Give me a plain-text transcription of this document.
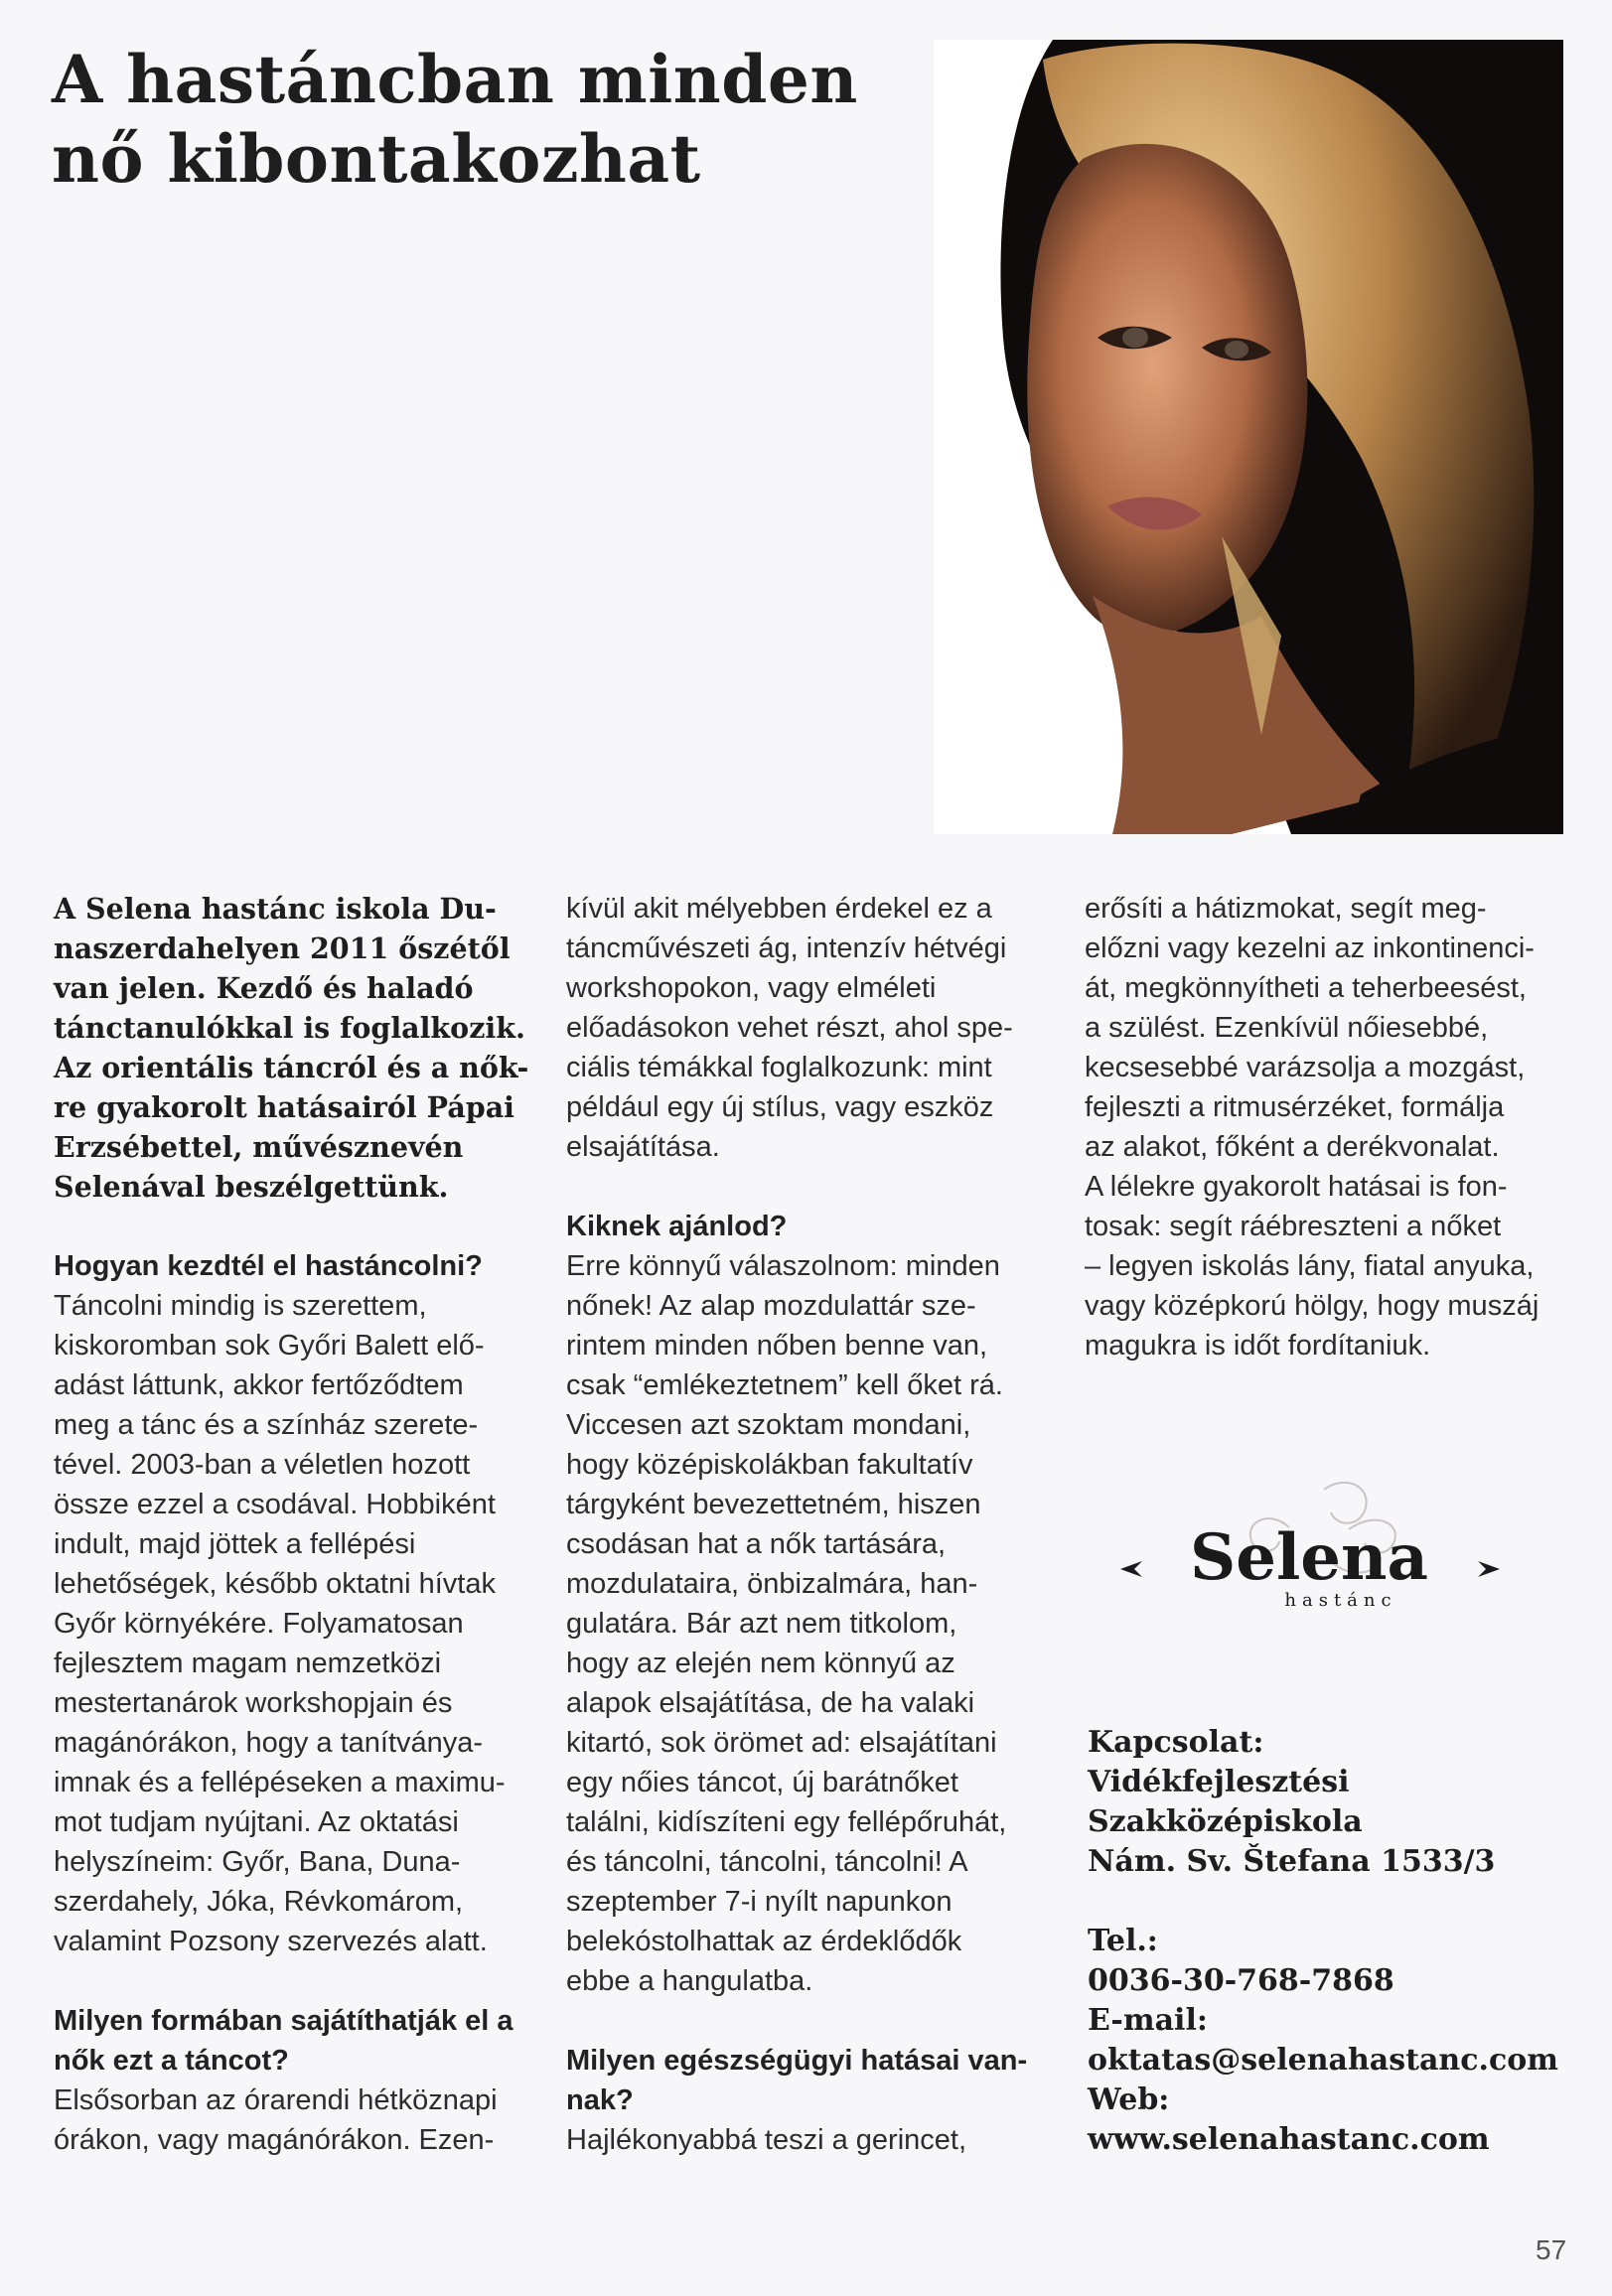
A hastáncban minden
nő kibontakozhat

A Selena hastánc iskola Du-
naszerdahelyen 2011 őszétől
van jelen. Kezdő és haladó
tánctanulókkal is foglalkozik.
Az orientális táncról és a nők-
re gyakorolt hatásairól Pápai
Erzsébettel, művésznevén
Selenával beszélgettünk.

Hogyan kezdtél el hastáncolni?

Táncolni mindig is szerettem,
kiskoromban sok Győri Balett elő-
adást láttunk, akkor fertőződtem
meg a tánc és a színház szerete-
tével. 2003-ban a véletlen hozott
össze ezzel a csodával. Hobbiként
indult, majd jöttek a fellépési
lehetőségek, később oktatni hívtak
Győr környékére. Folyamatosan
fejlesztem magam nemzetközi
mestertanárok workshopjain és
magánórákon, hogy a tanítványa-
imnak és a fellépéseken a maximu-
mot tudjam nyújtani. Az oktatási
helyszíneim: Győr, Bana, Duna-
szerdahely, Jóka, Révkomárom,
valamint Pozsony szervezés alatt.

Milyen formában sajátíthatják el a
nők ezt a táncot?

Elsősorban az órarendi hétköznapi
órákon, vagy magánórákon. Ezen-

kívül akit mélyebben érdekel ez a
táncművészeti ág, intenzív hétvégi
workshopokon, vagy elméleti
előadásokon vehet részt, ahol spe-
ciális témákkal foglalkozunk: mint
például egy új stílus, vagy eszköz
elsajátítása.

Kiknek ajánlod?

Erre könnyű válaszolnom: minden
nőnek! Az alap mozdulattár sze-
rintem minden nőben benne van,
csak “emlékeztetnem” kell őket rá.
Viccesen azt szoktam mondani,
hogy középiskolákban fakultatív
tárgyként bevezettetném, hiszen
csodásan hat a nők tartására,
mozdulataira, önbizalmára, han-
gulatára. Bár azt nem titkolom,
hogy az elején nem könnyű az
alapok elsajátítása, de ha valaki
kitartó, sok örömet ad: elsajátítani
egy nőies táncot, új barátnőket
találni, kidíszíteni egy fellépőruhát,
és táncolni, táncolni, táncolni! A
szeptember 7-i nyílt napunkon
belekóstolhattak az érdeklődők
ebbe a hangulatba.

Milyen egészségügyi hatásai van-
nak?

Hajlékonyabbá teszi a gerincet,

erősíti a hátizmokat, segít meg-
előzni vagy kezelni az inkontinenci-
át, megkönnyítheti a teherbeesést,
a szülést. Ezenkívül nőiesebbé,
kecsesebbé varázsolja a mozgást,
fejleszti a ritmusérzéket, formálja
az alakot, főként a derékvonalat.
A lélekre gyakorolt hatásai is fon-
tosak: segít ráébreszteni a nőket
– legyen iskolás lány, fiatal anyuka,
vagy középkorú hölgy, hogy muszáj
magukra is időt fordítaniuk.

Selena
hastánc
Kapcsolat:
Vidékfejlesztési
Szakközépiskola
Nám. Sv. Štefana 1533/3
Tel.:
0036-30-768-7868
E-mail:
oktatas@selenahastanc.com
Web:
www.selenahastanc.com
57
